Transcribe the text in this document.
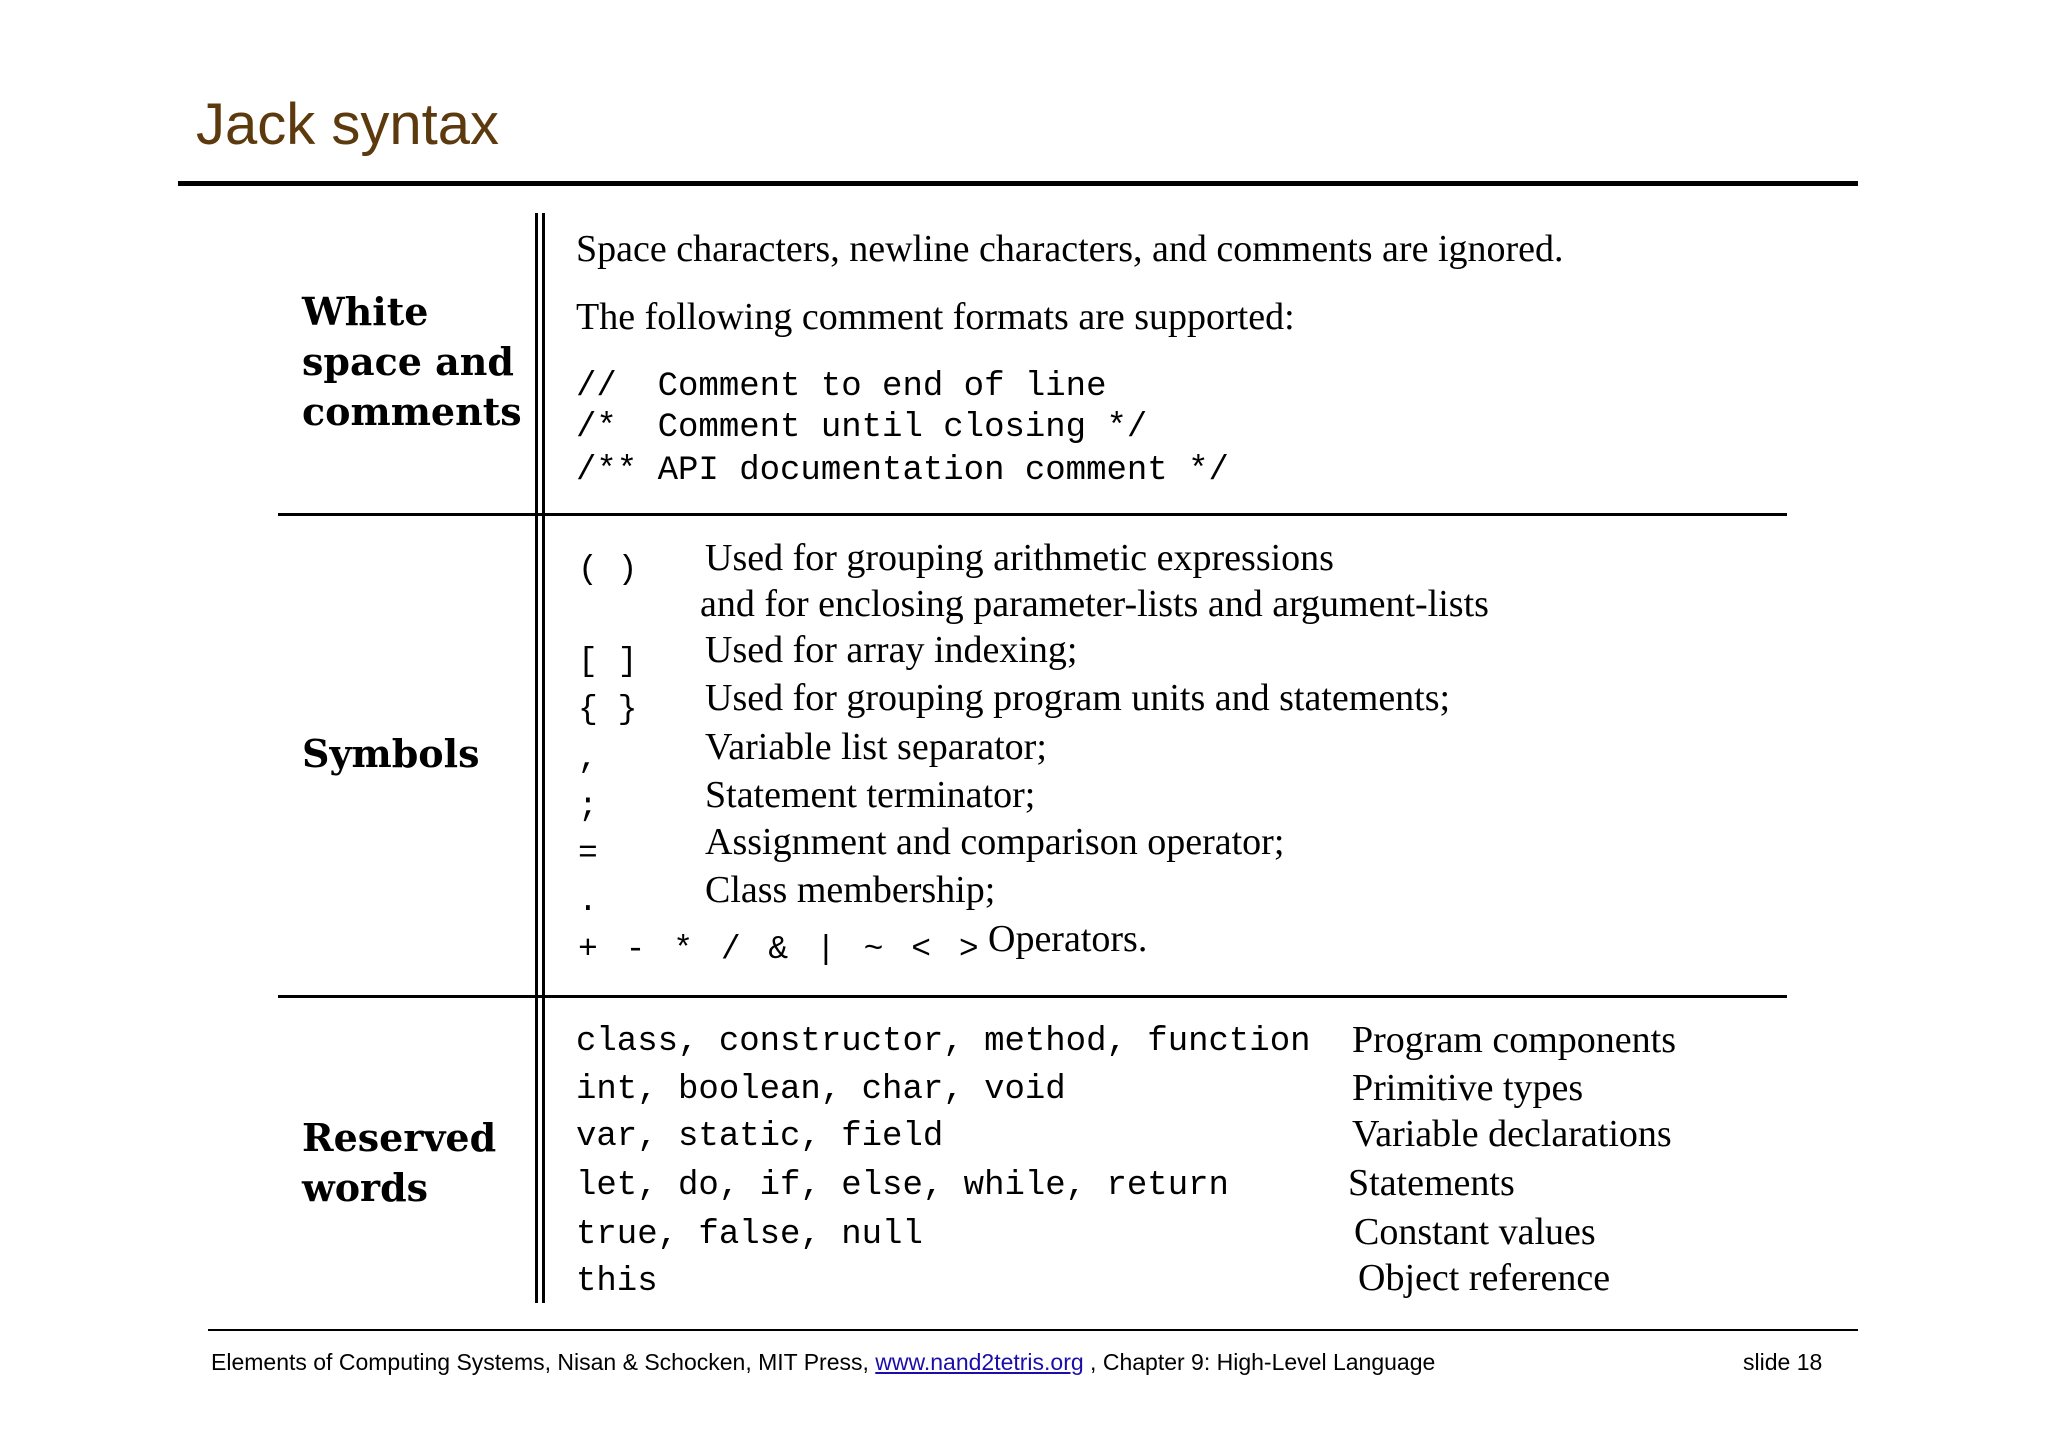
Jack syntax
White
space and
comments
Space characters, newline characters, and comments are ignored.
The following comment formats are supported:
//  Comment to end of line
/*  Comment until closing */
/** API documentation comment */
Symbols
( ) Used for grouping arithmetic expressions
and for enclosing parameter-lists and argument-lists
[ ] Used for array indexing;
{ } Used for grouping program units and statements;
,	Variable list separator;
;	Statement terminator;
=	Assignment and comparison operator;
.	Class membership;
+ - * / & | ~ < > Operators.
Reserved
words
class, constructor, method, function Program components
int, boolean, char, void	Primitive types
var, static, field	Variable declarations
let, do, if, else, while, return	Statements
true, false, null	Constant values
this	Object reference
Elements of Computing Systems, Nisan & Schocken, MIT Press, www.nand2tetris.org , Chapter 9: High-Level Language	slide 18
